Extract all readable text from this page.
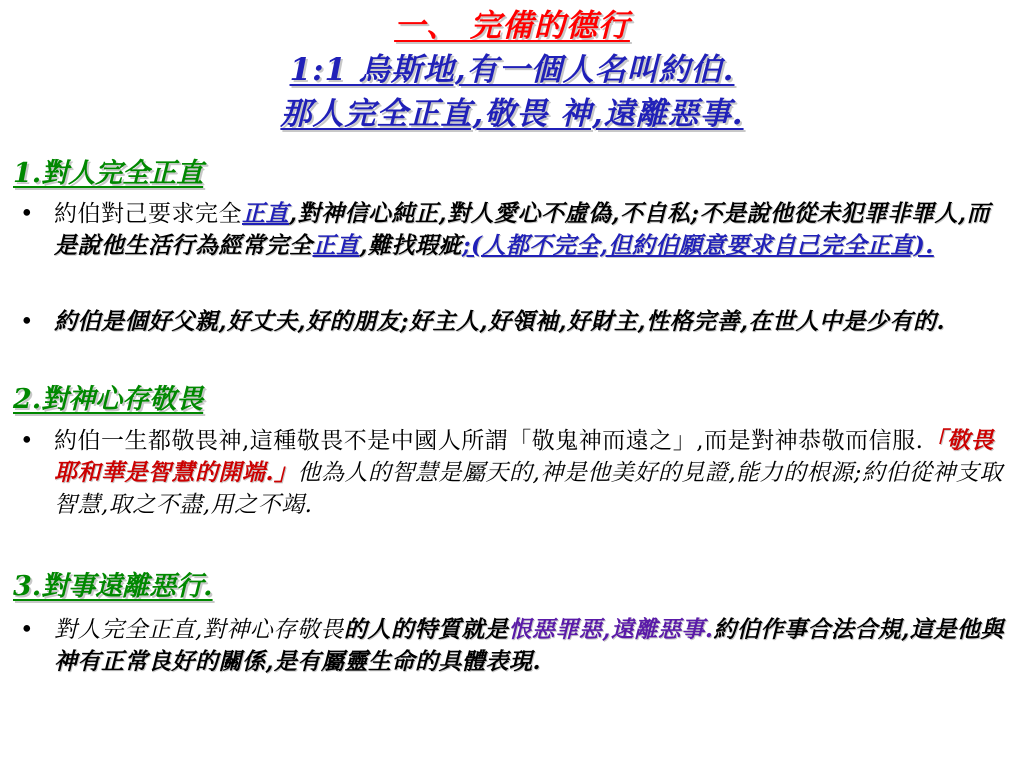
一、 完備的德行
1:1 烏斯地,有一個人名叫約伯.
那人完全正直,敬畏 神,遠離惡事.
1.對人完全正直
• 約伯對己要求完全正直,對神信心純正,對人愛心不虛偽,不自私;不是說他從未犯罪非罪人,而是說他生活行為經常完全正直,難找瑕疵;(人都不完全,但約伯願意要求自己完全正直).
• 約伯是個好父親,好丈夫,好的朋友;好主人,好領袖,好財主,性格完善,在世人中是少有的.
2.對神心存敬畏
• 約伯一生都敬畏神,這種敬畏不是中國人所謂「敬鬼神而遠之」,而是對神恭敬而信服.「敬畏耶和華是智慧的開端.」他為人的智慧是屬天的,神是他美好的見證,能力的根源;約伯從神支取智慧,取之不盡,用之不竭.
3.對事遠離惡行.
• 對人完全正直,對神心存敬畏的人的特質就是恨惡罪惡,遠離惡事.約伯作事合法合規,這是他與神有正常良好的關係,是有屬靈生命的具體表現.
